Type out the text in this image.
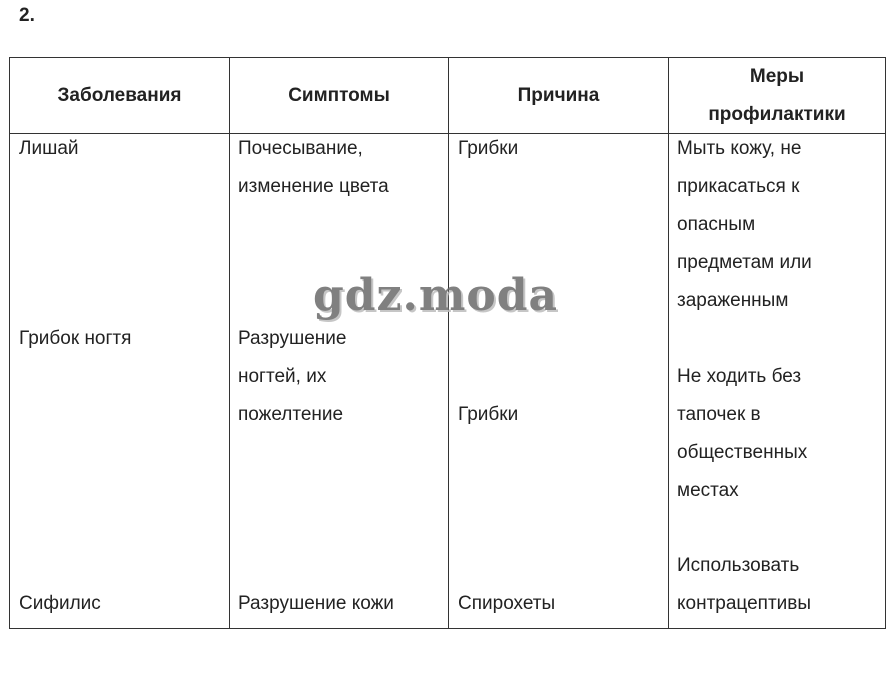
2.
Заболевания	Симптомы	Причина
Меры профилактики
Лишай
Грибок ногтя
Сифилис
Почесывание,
изменение цвета
Разрушение
ногтей, их
пожелтение
Разрушение кожи
Грибки
Грибки
Спирохеты
Мыть кожу, не
прикасаться к
опасным
предметам или
зараженным
Не ходить без
тапочек в
общественных
местах
Использовать
контрацептивы
gdz.moda
